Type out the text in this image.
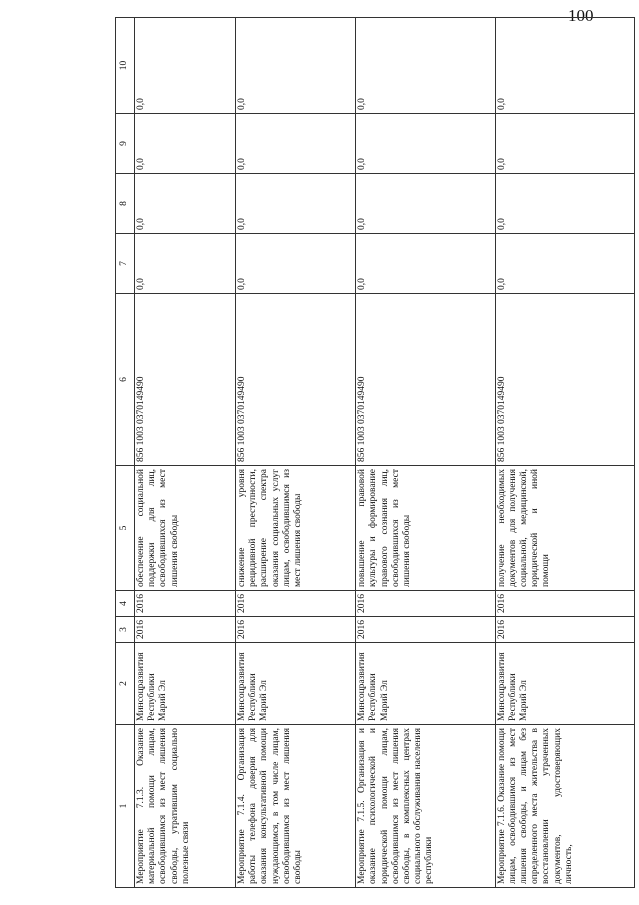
100
1	2	3	4	5	6	7	8	9	10
Мероприятие 7.1.3. Оказание материальной помощи лицам, освободившимся из мест лишения свободы, утратившим социально полезные связи	Минсоцразвития Республики Марий Эл	2016	2016	обеспечение социальной поддержки для лиц, освободившихся из мест лишения свободы	856 1003 0370149490	0,0	0,0	0,0	0,0
Мероприятие 7.1.4. Организация работы телефона доверия для оказания консультативной помощи нуждающимся, в том числе лицам, освободившимся из мест лишения свободы	Минсоцразвития Республики Марий Эл	2016	2016	снижение уровня рецидивной преступности, расширение спектра оказания социальных услуг лицам, освободившимся из мест лишения свободы	856 1003 0370149490	0,0	0,0	0,0	0,0
Мероприятие 7.1.5. Организация и оказание психологической и юридической помощи лицам, освободившимся из мест лишения свободы, в комплексных центрах социального обслуживания населения республики	Минсоцразвития Республики Марий Эл	2016	2016	повышение правовой культуры и формирование правового сознания лиц, освободившихся из мест лишения свободы	856 1003 0370149490	0,0	0,0	0,0	0,0
Мероприятие 7.1.6. Оказание помощи лицам, освободившимся из мест лишения свободы, и лицам без определенного места жительства в восстановлении утраченных документов, удостоверяющих личность,	Минсоцразвития Республики Марий Эл	2016	2016	получение необходимых документов для получения социальной, медицинской, юридической и иной помощи	856 1003 0370149490	0,0	0,0	0,0	0,0
